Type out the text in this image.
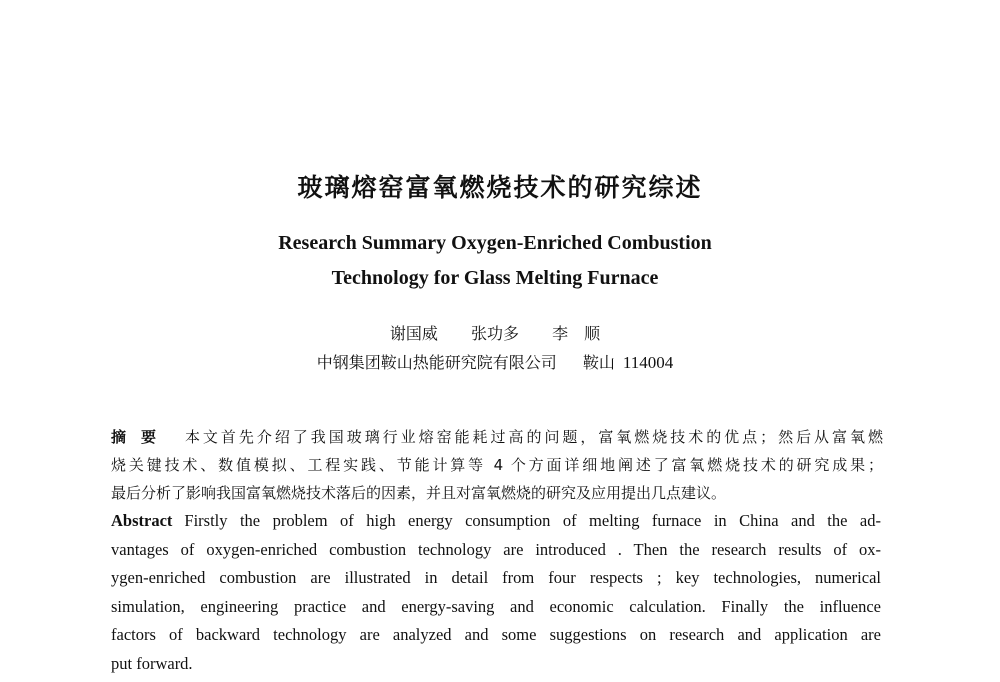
玻璃熔窑富氧燃烧技术的研究综述
Research Summary Oxygen-Enriched Combustion
Technology for Glass Melting Furnace
谢国威 张功多 李　顺
中钢集团鞍山热能研究院有限公司 鞍山 114004
摘要 本文首先介绍了我国玻璃行业熔窑能耗过高的问题，富氧燃烧技术的优点；然后从富氧燃
烧关键技术、数值模拟、工程实践、节能计算等 4 个方面详细地阐述了富氧燃烧技术的研究成果；
最后分析了影响我国富氧燃烧技术落后的因素，并且对富氧燃烧的研究及应用提出几点建议。
Abstract Firstly the problem of high energy consumption of melting furnace in China and the ad-
vantages of oxygen-enriched combustion technology are introduced . Then the research results of ox-
ygen-enriched combustion are illustrated in detail from four respects ; key technologies, numerical
simulation, engineering practice and energy-saving and economic calculation. Finally the influence
factors of backward technology are analyzed and some suggestions on research and application are
put forward.
